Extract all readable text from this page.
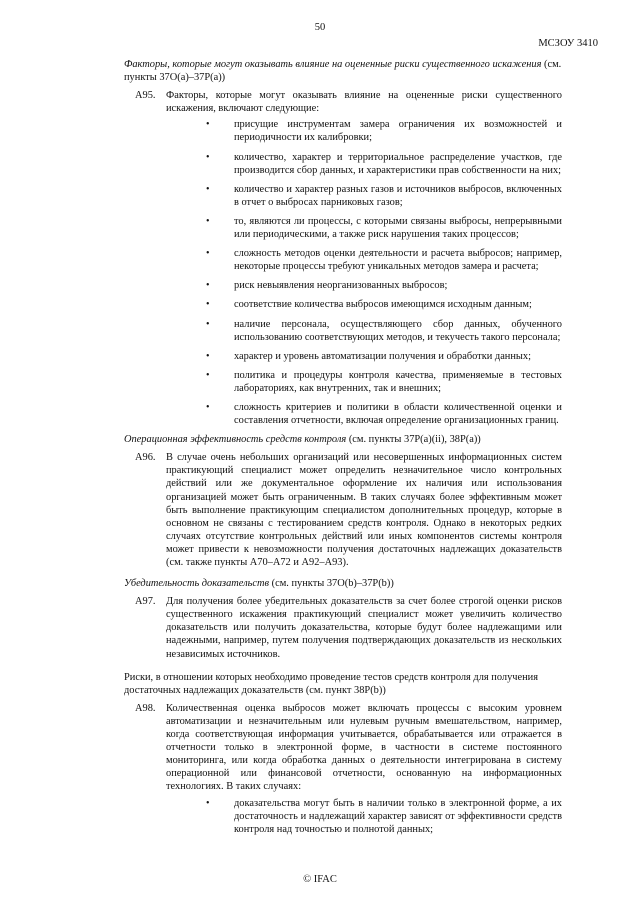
50
МСЗОУ 3410

Факторы, которые могут оказывать влияние на оцененные риски существенного искажения (см. пункты 37О(а)–37Р(а))

A95. Факторы, которые могут оказывать влияние на оцененные риски существенного искажения, включают следующие:
• присущие инструментам замера ограничения их возможностей и периодичности их калибровки;
• количество, характер и территориальное распределение участков, где производится сбор данных, и характеристики прав собственности на них;
• количество и характер разных газов и источников выбросов, включенных в отчет о выбросах парниковых газов;
• то, являются ли процессы, с которыми связаны выбросы, непрерывными или периодическими, а также риск нарушения таких процессов;
• сложность методов оценки деятельности и расчета выбросов; например, некоторые процессы требуют уникальных методов замера и расчета;
• риск невыявления неорганизованных выбросов;
• соответствие количества выбросов имеющимся исходным данным;
• наличие персонала, осуществляющего сбор данных, обученного использованию соответствующих методов, и текучесть такого персонала;
• характер и уровень автоматизации получения и обработки данных;
• политика и процедуры контроля качества, применяемые в тестовых лабораториях, как внутренних, так и внешних;
• сложность критериев и политики в области количественной оценки и составления отчетности, включая определение организационных границ.

Операционная эффективность средств контроля (см. пункты 37Р(а)(ii), 38Р(а))

A96. В случае очень небольших организаций или несовершенных информационных систем практикующий специалист может определить незначительное число контрольных действий или же документальное оформление их наличия или использования организацией может быть ограниченным. В таких случаях более эффективным может быть выполнение практикующим специалистом дополнительных процедур, которые в основном не связаны с тестированием средств контроля. Однако в некоторых редких случаях отсутствие контрольных действий или иных компонентов системы контроля может привести к невозможности получения достаточных надлежащих доказательств (см. также пункты A70–A72 и A92–A93).

Убедительность доказательств (см. пункты 37О(b)–37Р(b))

A97. Для получения более убедительных доказательств за счет более строгой оценки рисков существенного искажения практикующий специалист может увеличить количество доказательств или получить доказательства, которые будут более надлежащими или надежными, например, путем получения подтверждающих доказательств из нескольких независимых источников.

Риски, в отношении которых необходимо проведение тестов средств контроля для получения достаточных надлежащих доказательств (см. пункт 38Р(b))

A98. Количественная оценка выбросов может включать процессы с высоким уровнем автоматизации и незначительным или нулевым ручным вмешательством, например, когда соответствующая информация учитывается, обрабатывается или отражается в отчетности только в электронной форме, в частности в системе постоянного мониторинга, или когда обработка данных о деятельности интегрирована в систему операционной или финансовой отчетности, основанную на информационных технологиях. В таких случаях:
• доказательства могут быть в наличии только в электронной форме, а их достаточность и надлежащий характер зависят от эффективности средств контроля над точностью и полнотой данных;
© IFAC
